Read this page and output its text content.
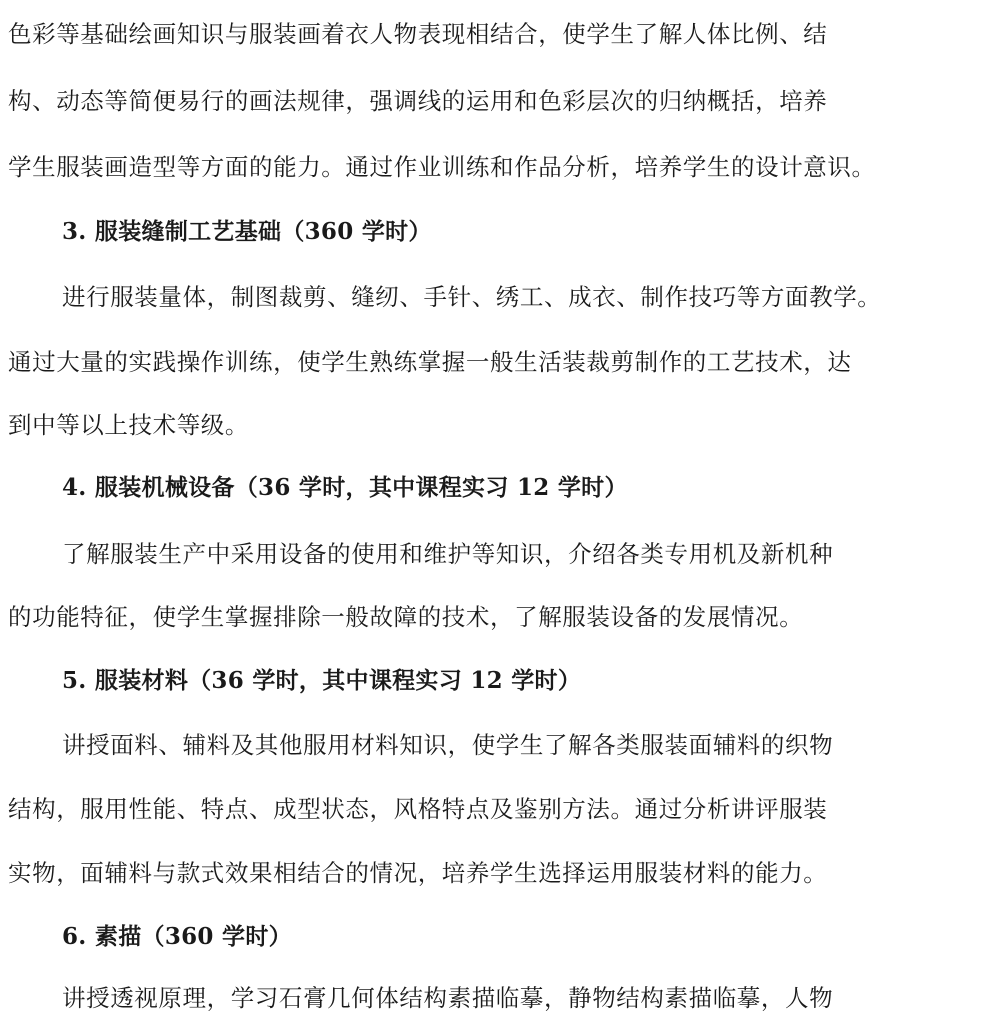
色彩等基础绘画知识与服装画着衣人物表现相结合，使学生了解人体比例、结
构、动态等简便易行的画法规律，强调线的运用和色彩层次的归纳概括，培养
学生服装画造型等方面的能力。通过作业训练和作品分析，培养学生的设计意识。
3. 服装缝制工艺基础（360 学时）
进行服装量体，制图裁剪、缝纫、手针、绣工、成衣、制作技巧等方面教学。
通过大量的实践操作训练，使学生熟练掌握一般生活装裁剪制作的工艺技术，达
到中等以上技术等级。
4. 服装机械设备（36 学时，其中课程实习 12 学时）
了解服装生产中采用设备的使用和维护等知识，介绍各类专用机及新机种
的功能特征，使学生掌握排除一般故障的技术，了解服装设备的发展情况。
5. 服装材料（36 学时，其中课程实习 12 学时）
讲授面料、辅料及其他服用材料知识，使学生了解各类服装面辅料的织物
结构，服用性能、特点、成型状态，风格特点及鉴别方法。通过分析讲评服装
实物，面辅料与款式效果相结合的情况，培养学生选择运用服装材料的能力。
6. 素描（360 学时）
讲授透视原理，学习石膏几何体结构素描临摹，静物结构素描临摹，人物
